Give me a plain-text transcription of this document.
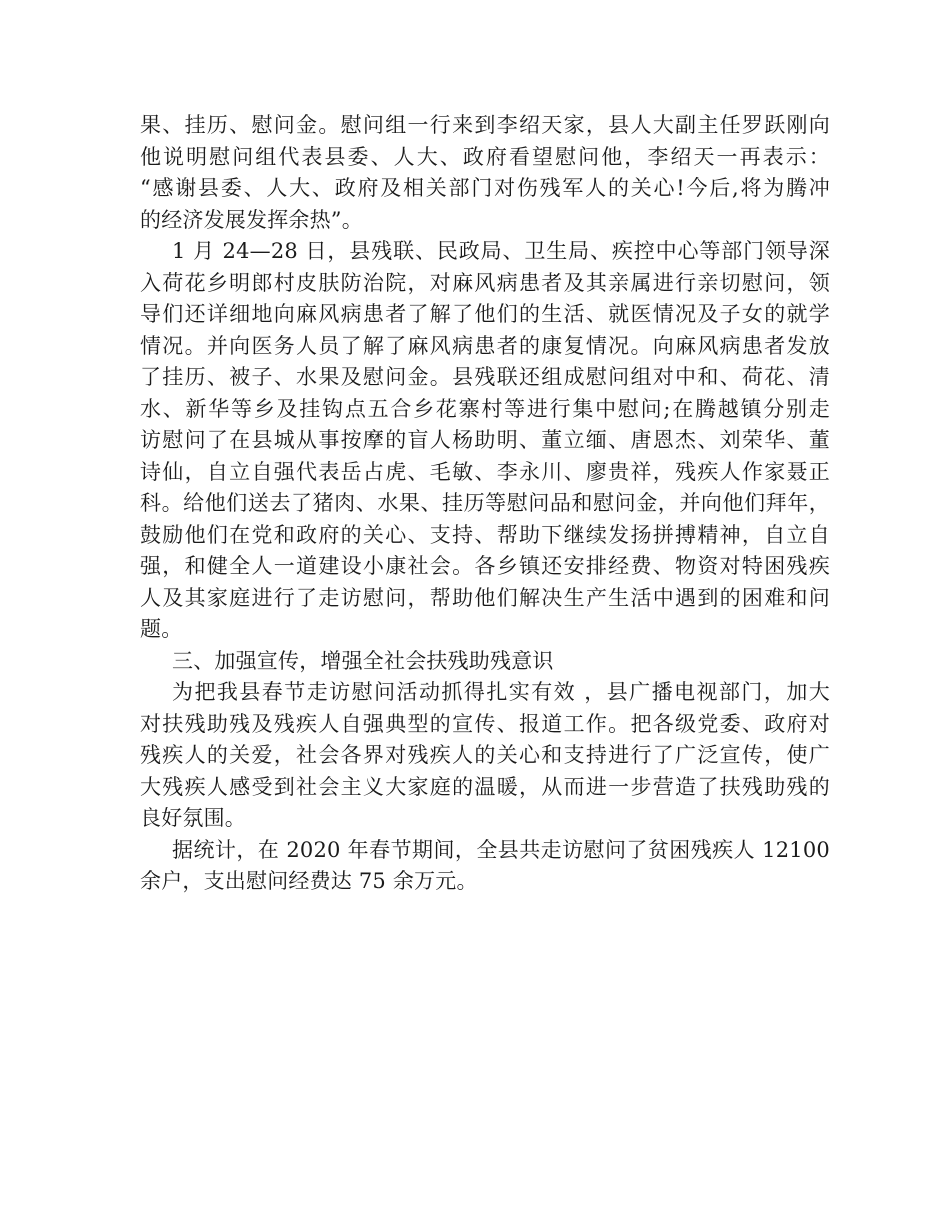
果、挂历、慰问金。慰问组一行来到李绍天家，县人大副主任罗跃刚向
他说明慰问组代表县委、人大、政府看望慰问他，李绍天一再表示：
“感谢县委、人大、政府及相关部门对伤残军人的关心!今后,将为腾冲
的经济发展发挥余热”。
1 月 24—28 日，县残联、民政局、卫生局、疾控中心等部门领导深
入荷花乡明郎村皮肤防治院，对麻风病患者及其亲属进行亲切慰问，领
导们还详细地向麻风病患者了解了他们的生活、就医情况及子女的就学
情况。并向医务人员了解了麻风病患者的康复情况。向麻风病患者发放
了挂历、被子、水果及慰问金。县残联还组成慰问组对中和、荷花、清
水、新华等乡及挂钩点五合乡花寨村等进行集中慰问;在腾越镇分别走
访慰问了在县城从事按摩的盲人杨助明、董立缅、唐恩杰、刘荣华、董
诗仙，自立自强代表岳占虎、毛敏、李永川、廖贵祥，残疾人作家聂正
科。给他们送去了猪肉、水果、挂历等慰问品和慰问金，并向他们拜年，
鼓励他们在党和政府的关心、支持、帮助下继续发扬拼搏精神，自立自
强，和健全人一道建设小康社会。各乡镇还安排经费、物资对特困残疾
人及其家庭进行了走访慰问，帮助他们解决生产生活中遇到的困难和问
题。
三、加强宣传，增强全社会扶残助残意识
为把我县春节走访慰问活动抓得扎实有效 ，县广播电视部门，加大
对扶残助残及残疾人自强典型的宣传、报道工作。把各级党委、政府对
残疾人的关爱，社会各界对残疾人的关心和支持进行了广泛宣传，使广
大残疾人感受到社会主义大家庭的温暖，从而进一步营造了扶残助残的
良好氛围。
据统计，在 2020 年春节期间，全县共走访慰问了贫困残疾人 12100
余户，支出慰问经费达 75 余万元。
